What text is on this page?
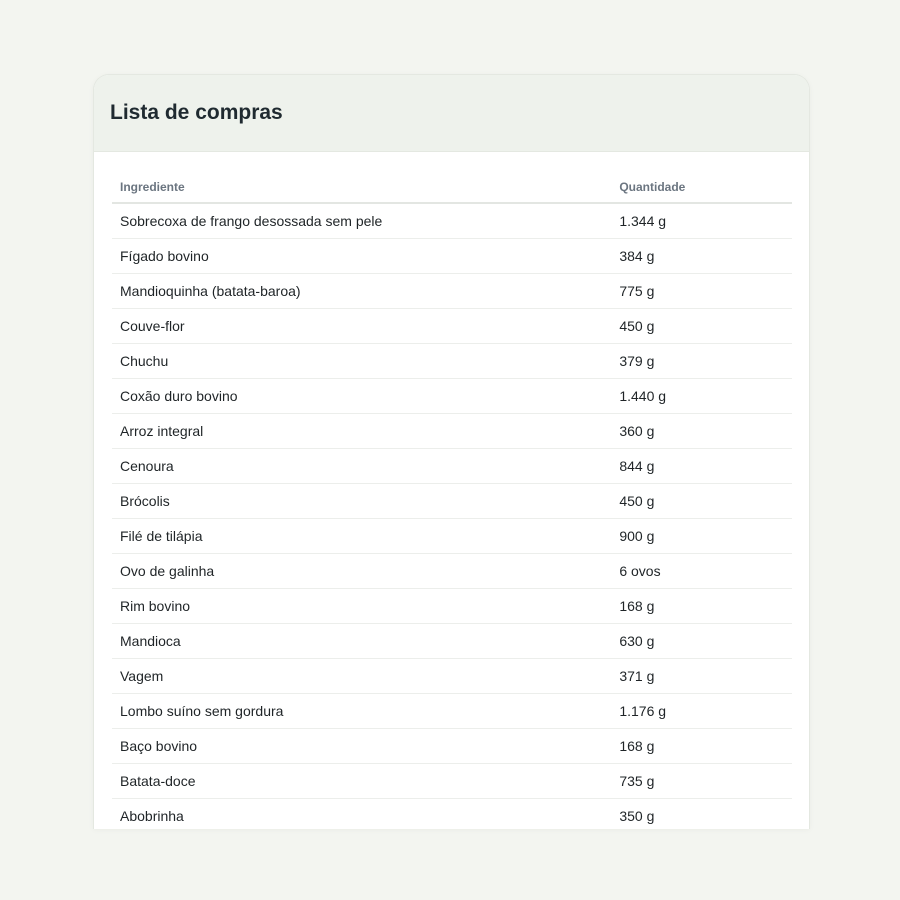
Lista de compras
Ingrediente	Quantidade
Sobrecoxa de frango desossada sem pele	1.344 g
Fígado bovino	384 g
Mandioquinha (batata-baroa)	775 g
Couve-flor	450 g
Chuchu	379 g
Coxão duro bovino	1.440 g
Arroz integral	360 g
Cenoura	844 g
Brócolis	450 g
Filé de tilápia	900 g
Ovo de galinha	6 ovos
Rim bovino	168 g
Mandioca	630 g
Vagem	371 g
Lombo suíno sem gordura	1.176 g
Baço bovino	168 g
Batata-doce	735 g
Abobrinha	350 g
